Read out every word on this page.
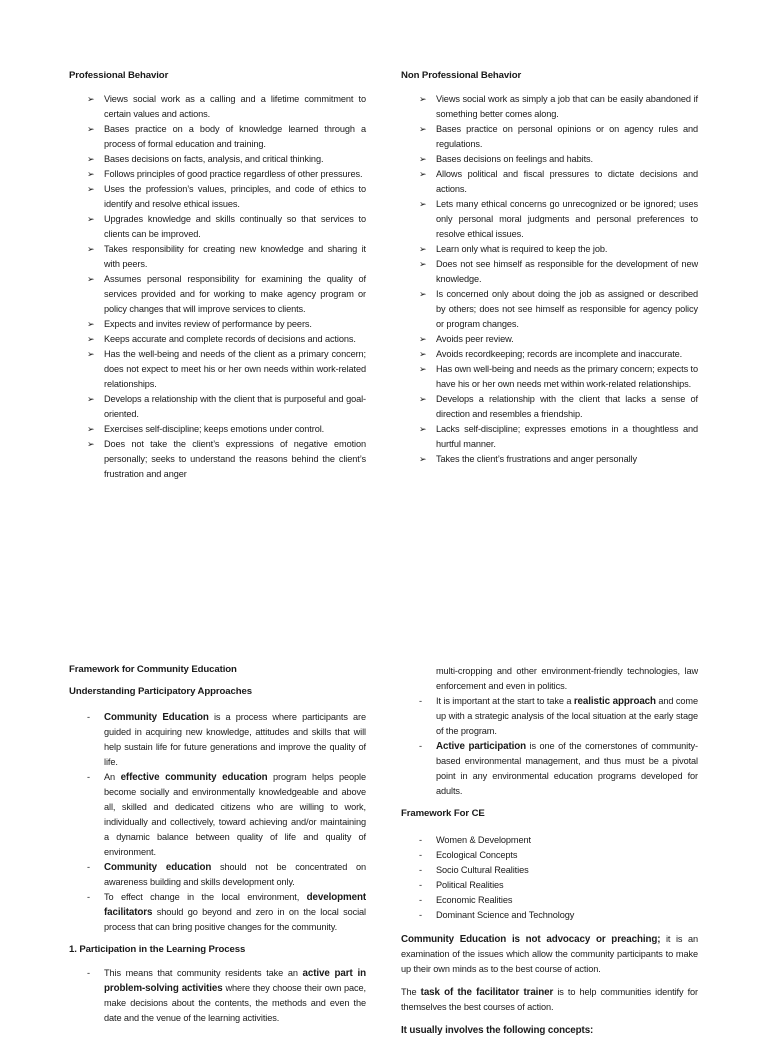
Professional Behavior
➢ Views social work as a calling and a lifetime commitment to certain values and actions.
➢ Bases practice on a body of knowledge learned through a process of formal education and training.
➢ Bases decisions on facts, analysis, and critical thinking.
➢ Follows principles of good practice regardless of other pressures.
➢ Uses the profession’s values, principles, and code of ethics to identify and resolve ethical issues.
➢ Upgrades knowledge and skills continually so that services to clients can be improved.
➢ Takes responsibility for creating new knowledge and sharing it with peers.
➢ Assumes personal responsibility for examining the quality of services provided and for working to make agency program or policy changes that will improve services to clients.
➢ Expects and invites review of performance by peers.
➢ Keeps accurate and complete records of decisions and actions.
➢ Has the well-being and needs of the client as a primary concern; does not expect to meet his or her own needs within work-related relationships.
➢ Develops a relationship with the client that is purposeful and goal-oriented.
➢ Exercises self-discipline; keeps emotions under control.
➢ Does not take the client’s expressions of negative emotion personally; seeks to understand the reasons behind the client’s frustration and anger
Non Professional Behavior
➢ Views social work as simply a job that can be easily abandoned if something better comes along.
➢ Bases practice on personal opinions or on agency rules and regulations.
➢ Bases decisions on feelings and habits.
➢ Allows political and fiscal pressures to dictate decisions and actions.
➢ Lets many ethical concerns go unrecognized or be ignored; uses only personal moral judgments and personal preferences to resolve ethical issues.
➢ Learn only what is required to keep the job.
➢ Does not see himself as responsible for the development of new knowledge.
➢ Is concerned only about doing the job as assigned or described by others; does not see himself as responsible for agency policy or program changes.
➢ Avoids peer review.
➢ Avoids recordkeeping; records are incomplete and inaccurate.
➢ Has own well-being and needs as the primary concern; expects to have his or her own needs met within work-related relationships.
➢ Develops a relationship with the client that lacks a sense of direction and resembles a friendship.
➢ Lacks self-discipline; expresses emotions in a thoughtless and hurtful manner.
➢ Takes the client’s frustrations and anger personally
Framework for Community Education
Understanding Participatory Approaches
- Community Education is a process where participants are guided in acquiring new knowledge, attitudes and skills that will help sustain life for future generations and improve the quality of life.
- An effective community education program helps people become socially and environmentally knowledgeable and above all, skilled and dedicated citizens who are willing to work, individually and collectively, toward achieving and/or maintaining a dynamic balance between quality of life and quality of environment.
- Community education should not be concentrated on awareness building and skills development only.
- To effect change in the local environment, development facilitators should go beyond and zero in on the local social process that can bring positive changes for the community.
1. Participation in the Learning Process
- This means that community residents take an active part in problem-solving activities where they choose their own pace, make decisions about the contents, the methods and even the date and the venue of the learning activities.
multi-cropping and other environment-friendly technologies, law enforcement and even in politics.
- It is important at the start to take a realistic approach and come up with a strategic analysis of the local situation at the early stage of the program.
- Active participation is one of the cornerstones of community-based environmental management, and thus must be a pivotal point in any environmental education programs developed for adults.
Framework For CE
- Women & Development
- Ecological Concepts
- Socio Cultural Realities
- Political Realities
- Economic Realities
- Dominant Science and Technology

Community Education is not advocacy or preaching; it is an examination of the issues which allow the community participants to make up their own minds as to the best course of action.

The task of the facilitator trainer is to help communities identify for themselves the best courses of action.

It usually involves the following concepts:
